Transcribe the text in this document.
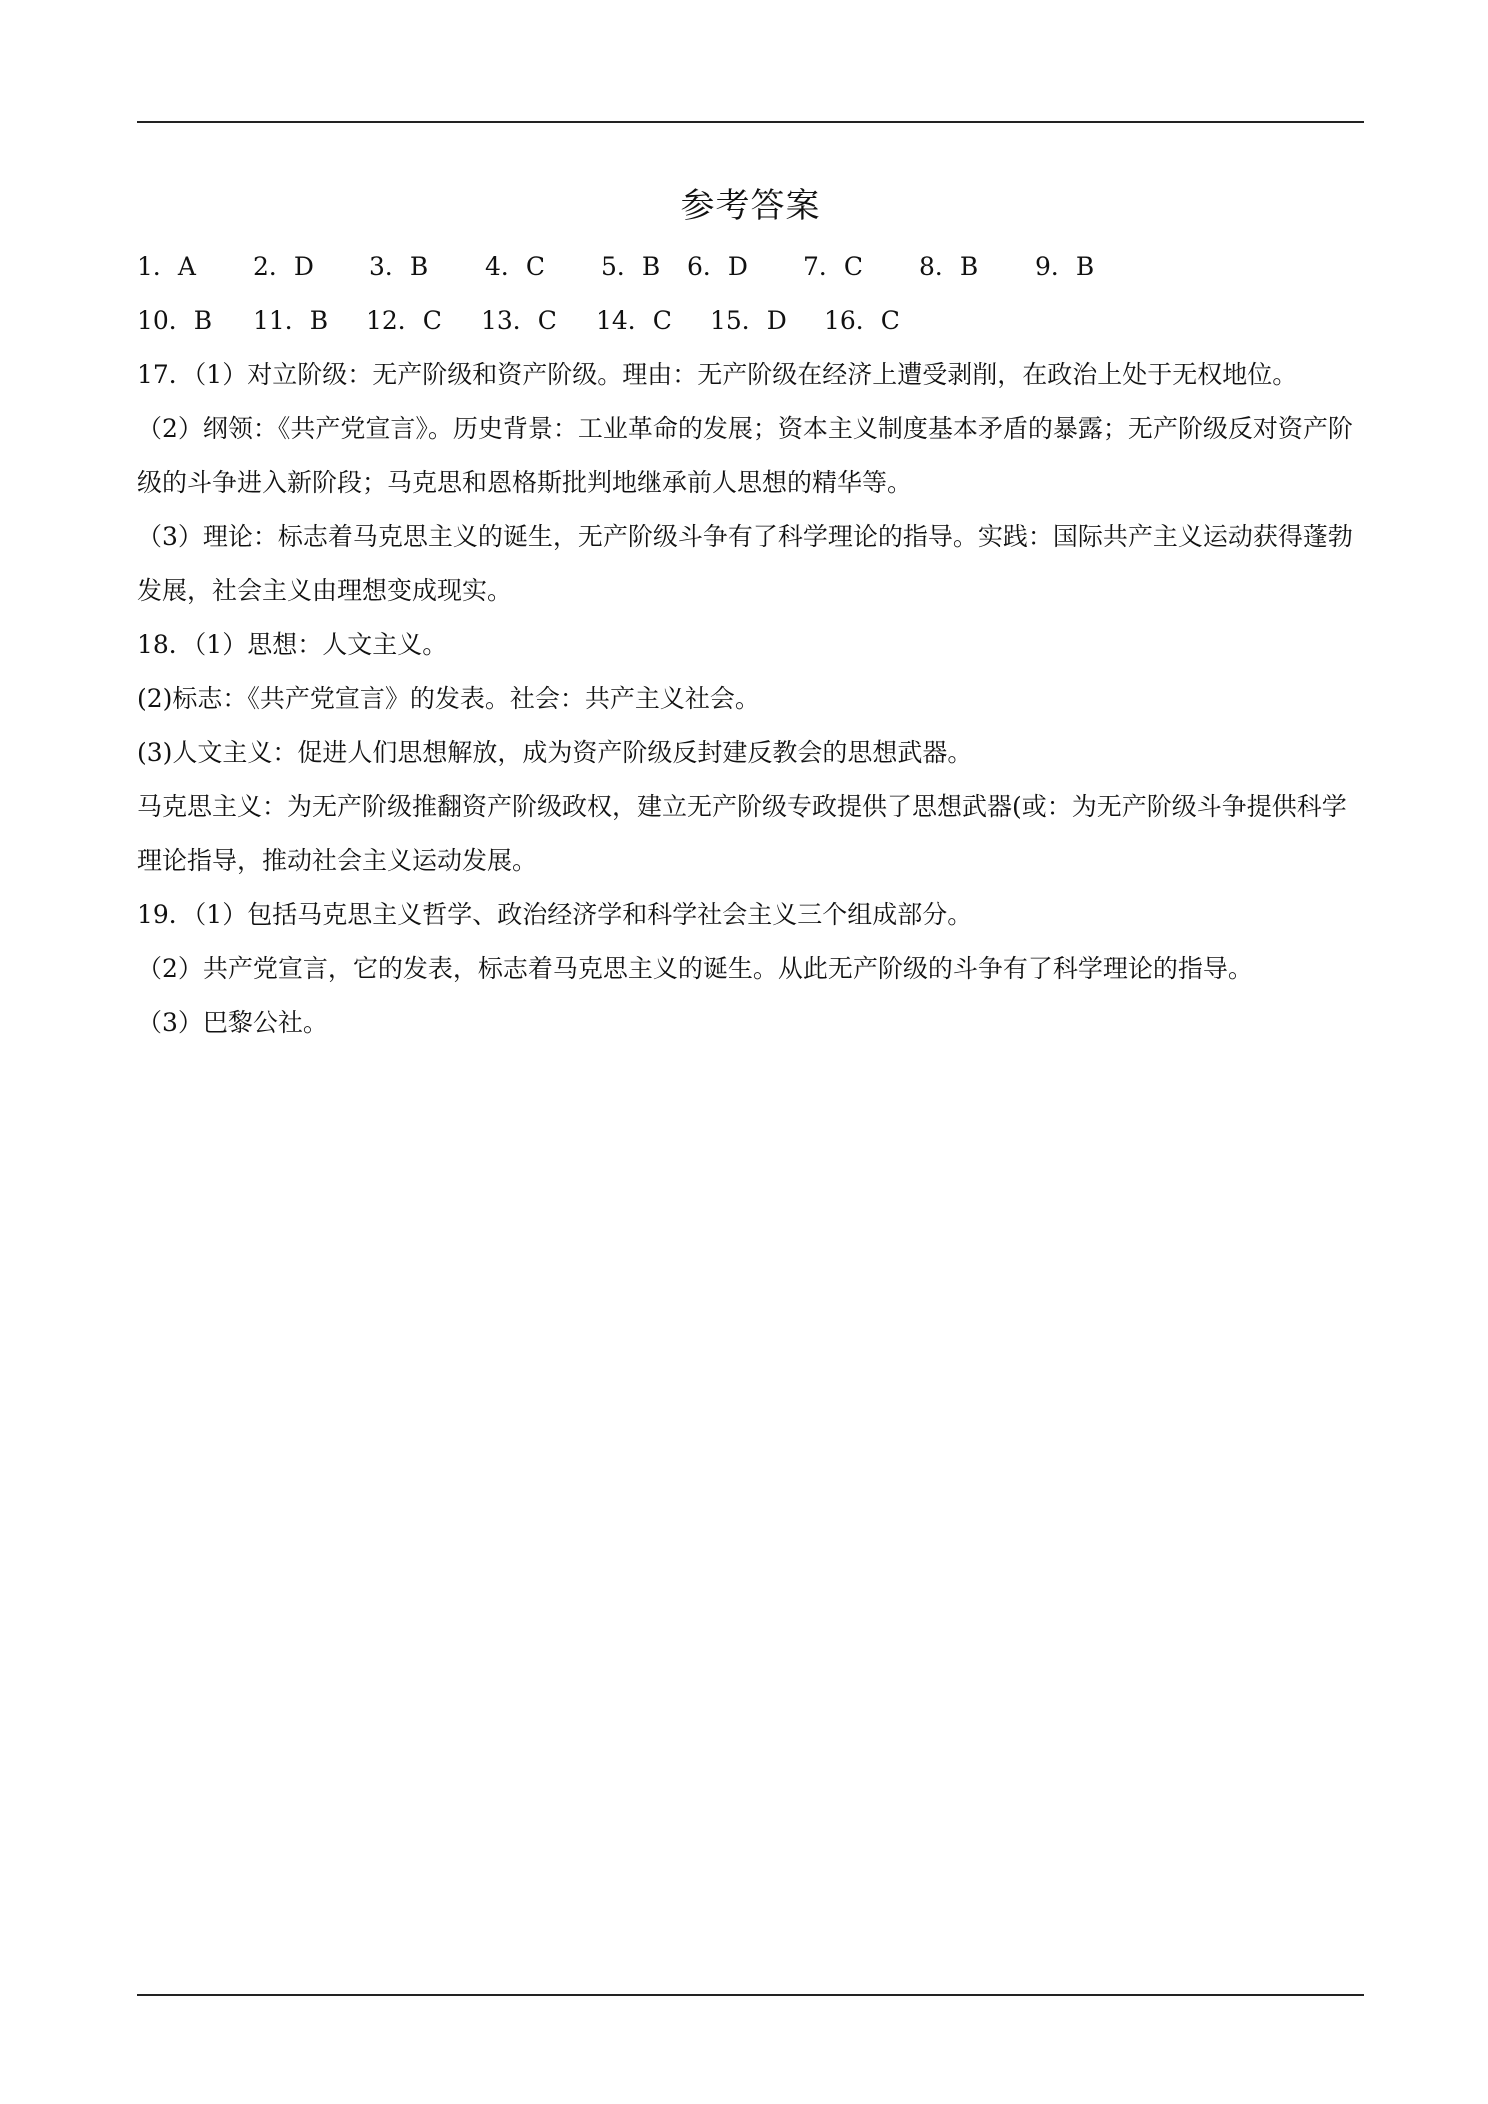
参考答案
1．A	2．D	3．B	4．C	5．B	6．D	7．C	8．B	9．B
10．B	11．B	12．C	13．C	14．C	15．D	16．C

17．（1）对立阶级：无产阶级和资产阶级。理由：无产阶级在经济上遭受剥削，在政治上处于无权地位。

（2）纲领：《共产党宣言》。历史背景：工业革命的发展；资本主义制度基本矛盾的暴露；无产阶级反对资产阶级的斗争进入新阶段；马克思和恩格斯批判地继承前人思想的精华等。

（3）理论：标志着马克思主义的诞生，无产阶级斗争有了科学理论的指导。实践：国际共产主义运动获得蓬勃发展，社会主义由理想变成现实。

18．（1）思想：人文主义。

(2)标志：《共产党宣言》的发表。社会：共产主义社会。

(3)人文主义：促进人们思想解放，成为资产阶级反封建反教会的思想武器。

马克思主义：为无产阶级推翻资产阶级政权，建立无产阶级专政提供了思想武器(或：为无产阶级斗争提供科学理论指导，推动社会主义运动发展。

19．（1）包括马克思主义哲学、政治经济学和科学社会主义三个组成部分。

（2）共产党宣言，它的发表，标志着马克思主义的诞生。从此无产阶级的斗争有了科学理论的指导。

（3）巴黎公社。
